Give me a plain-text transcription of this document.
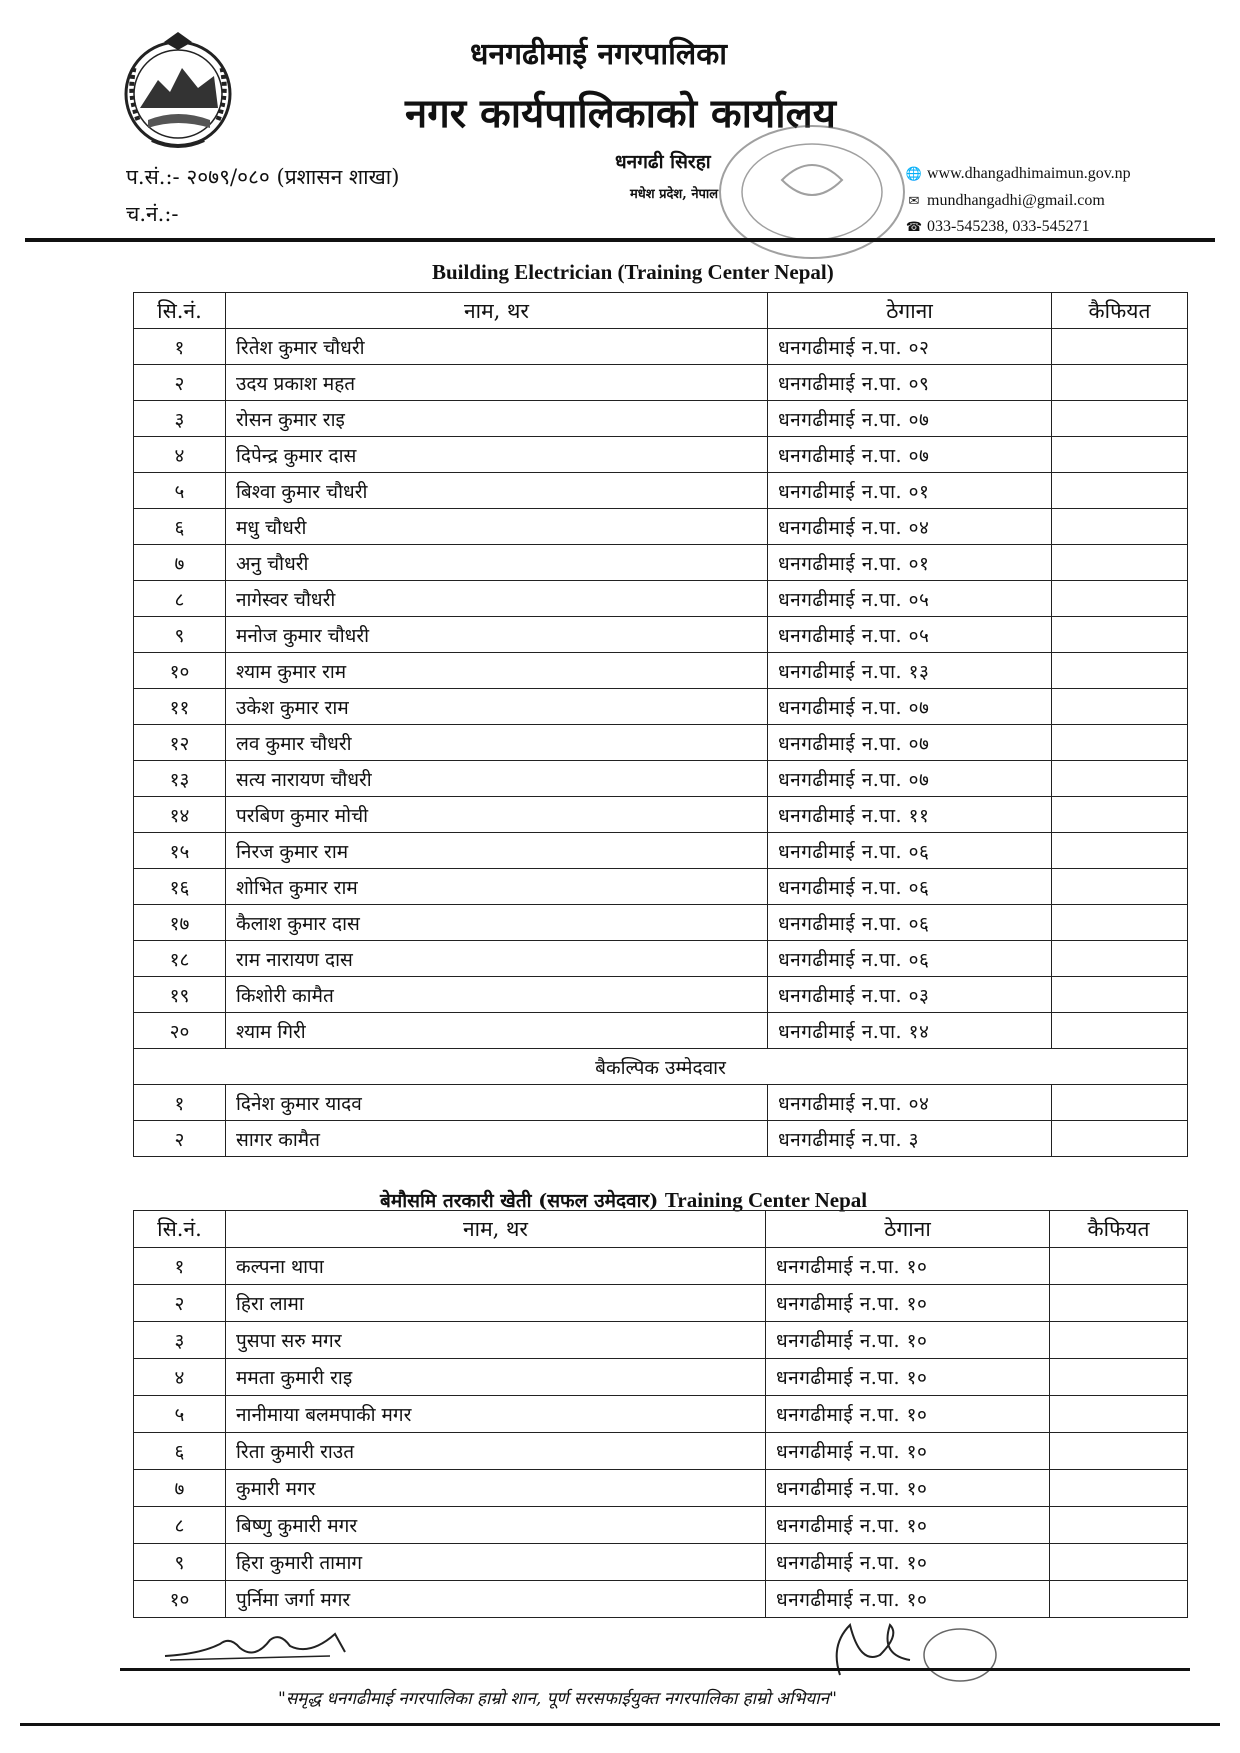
धनगढीमाई नगरपालिका
नगर कार्यपालिकाको कार्यालय
धनगढी सिरहा
मधेश प्रदेश, नेपाल
प.सं.:- २०७९/०८० (प्रशासन शाखा)
च.नं.:-
🌐 www.dhangadhimaimun.gov.np
✉ mundhangadhi@gmail.com
☎ 033-545238, 033-545271
Building Electrician (Training Center Nepal)
सि.नं.	नाम, थर	ठेगाना	कैफियत
१	रितेश कुमार चौधरी	धनगढीमाई न.पा. ०२	
२	उदय प्रकाश महत	धनगढीमाई न.पा. ०९	
३	रोसन कुमार राइ	धनगढीमाई न.पा. ०७	
४	दिपेन्द्र कुमार दास	धनगढीमाई न.पा. ०७	
५	बिश्वा कुमार चौधरी	धनगढीमाई न.पा. ०१	
६	मधु चौधरी	धनगढीमाई न.पा. ०४	
७	अनु चौधरी	धनगढीमाई न.पा. ०१	
८	नागेस्वर चौधरी	धनगढीमाई न.पा. ०५	
९	मनोज कुमार चौधरी	धनगढीमाई न.पा. ०५	
१०	श्याम कुमार राम	धनगढीमाई न.पा. १३	
११	उकेश कुमार राम	धनगढीमाई न.पा. ०७	
१२	लव कुमार चौधरी	धनगढीमाई न.पा. ०७	
१३	सत्य नारायण चौधरी	धनगढीमाई न.पा. ०७	
१४	परबिण कुमार मोची	धनगढीमाई न.पा. ११	
१५	निरज कुमार राम	धनगढीमाई न.पा. ०६	
१६	शोभित कुमार राम	धनगढीमाई न.पा. ०६	
१७	कैलाश कुमार दास	धनगढीमाई न.पा. ०६	
१८	राम नारायण दास	धनगढीमाई न.पा. ०६	
१९	किशोरी कामैत	धनगढीमाई न.पा. ०३	
२०	श्याम गिरी	धनगढीमाई न.पा. १४	
बैकल्पिक उम्मेदवार			
१	दिनेश कुमार यादव	धनगढीमाई न.पा. ०४	
२	सागर कामैत	धनगढीमाई न.पा. ३	
बेमौसमि तरकारी खेती (सफल उमेदवार) Training Center Nepal
सि.नं.	नाम, थर	ठेगाना	कैफियत
१	कल्पना थापा	धनगढीमाई न.पा. १०	
२	हिरा लामा	धनगढीमाई न.पा. १०	
३	पुसपा सरु मगर	धनगढीमाई न.पा. १०	
४	ममता कुमारी राइ	धनगढीमाई न.पा. १०	
५	नानीमाया बलमपाकी मगर	धनगढीमाई न.पा. १०	
६	रिता कुमारी राउत	धनगढीमाई न.पा. १०	
७	कुमारी मगर	धनगढीमाई न.पा. १०	
८	बिष्णु कुमारी मगर	धनगढीमाई न.पा. १०	
९	हिरा कुमारी तामाग	धनगढीमाई न.पा. १०	
१०	पुर्निमा जर्गा मगर	धनगढीमाई न.पा. १०	
"समृद्ध धनगढीमाई नगरपालिका हाम्रो शान, पूर्ण सरसफाईयुक्त नगरपालिका हाम्रो अभियान"
